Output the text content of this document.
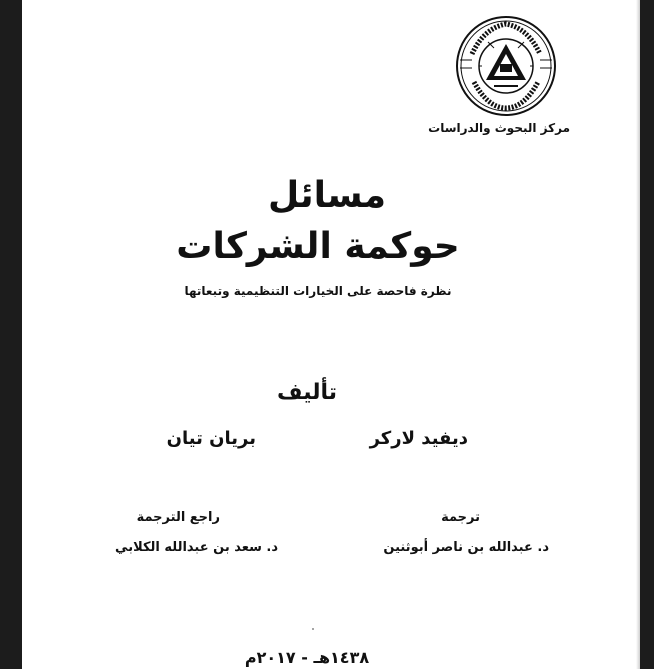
مركز البحوث والدراسات
مسائل
حوكمة الشركات
نظرة فاحصة على الخيارات التنظيمية وتبعاتها
تأليف
ديفيد لاركر
بريان تيان
ترجمة
راجع الترجمة
د. عبدالله بن ناصر أبوثنين
د. سعد بن عبدالله الكلابي
١٤٣٨هـ - ٢٠١٧م
